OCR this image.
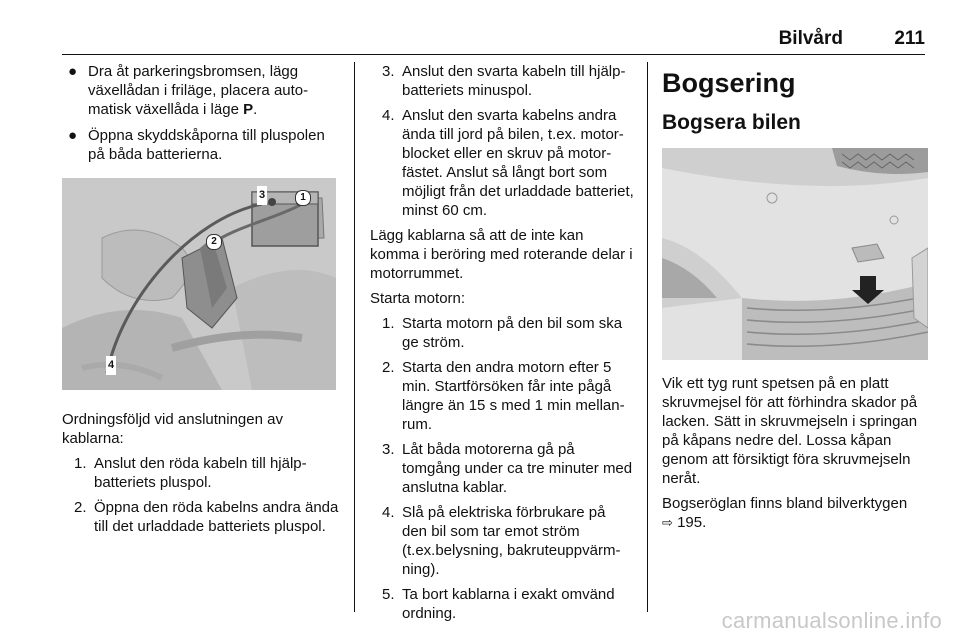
Bilvård	211
● Dra åt parkeringsbromsen, lägg växellådan i friläge, placera automatisk växellåda i läge P.
● Öppna skyddskåporna till pluspolen på båda batterierna.
1
2
3
4

Ordningsföljd vid anslutningen av kablarna:

1. Anslut den röda kabeln till hjälpbatteriets pluspol.
2. Öppna den röda kabelns andra ända till det urladdade batteriets pluspol.
3. Anslut den svarta kabeln till hjälpbatteriets minuspol.
4. Anslut den svarta kabelns andra ända till jord på bilen, t.ex. motorblocket eller en skruv på motorfästet. Anslut så långt bort som möjligt från det urladdade batteriet, minst 60 cm.

Lägg kablarna så att de inte kan komma i beröring med roterande delar i motorrummet.

Starta motorn:

1. Starta motorn på den bil som ska ge ström.
2. Starta den andra motorn efter 5 min. Startförsöken får inte pågå längre än 15 s med 1 min mellanrum.
3. Låt båda motorerna gå på tomgång under ca tre minuter med anslutna kablar.
4. Slå på elektriska förbrukare på den bil som tar emot ström (t.ex.belysning, bakruteuppvärmning).
5. Ta bort kablarna i exakt omvänd ordning.
Bogsering
Bogsera bilen

Vik ett tyg runt spetsen på en platt skruvmejsel för att förhindra skador på lacken. Sätt in skruvmejseln i springan på kåpans nedre del. Lossa kåpan genom att försiktigt föra skruvmejseln neråt.

Bogseröglan finns bland bilverktygen
⇨ 195.

carmanualsonline.info
